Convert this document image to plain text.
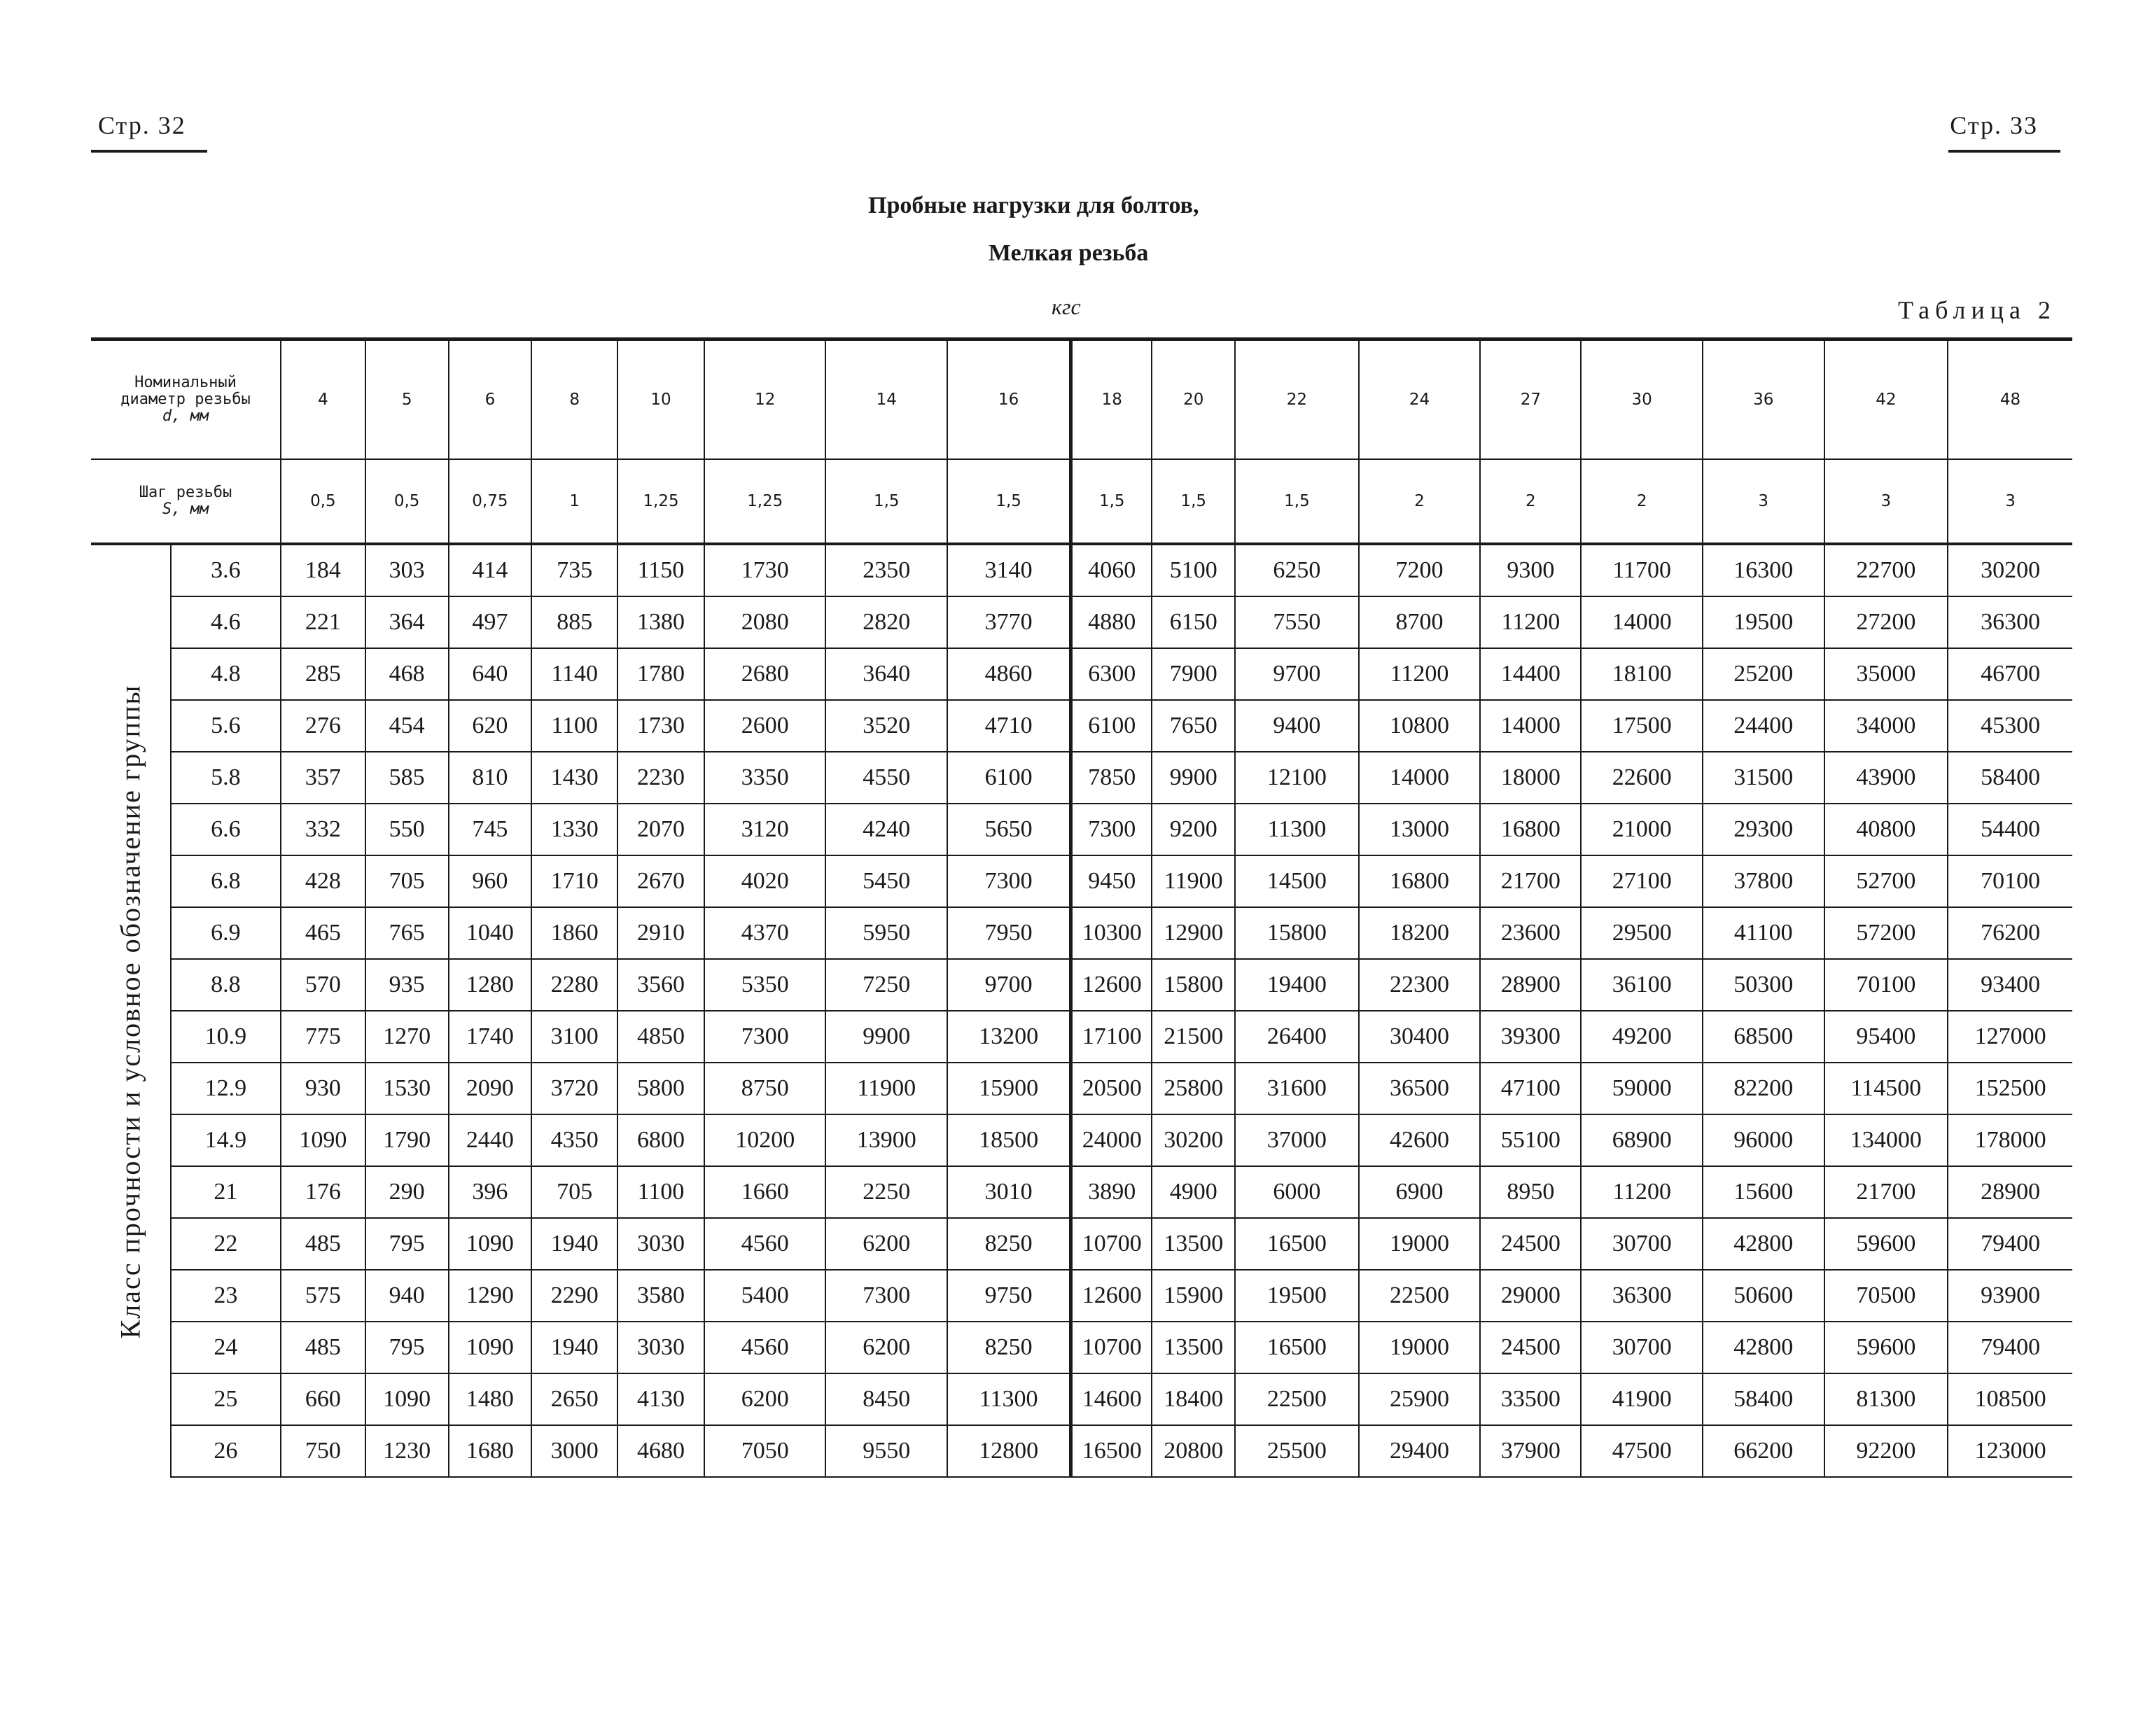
Стр. 32	Стр. 33
Пробные нагрузки для болтов,
Мелкая резьба
кгс	Таблица 2
Номинальный
диаметр резьбы
d, мм		4	5	6	8	10	12	14	16	18	20	22	24	27	30	36	42	48

Шаг резьбы
S, мм		0,5	0,5	0,75	1	1,25	1,25	1,5	1,5	1,5	1,5	1,5	2	2	2	3	3	3

Класс прочности и условное обозначение группы	3.6	184	303	414	735	1150	1730	2350	3140	4060	5100	6250	7200	9300	11700	16300	22700	30200
	4.6	221	364	497	885	1380	2080	2820	3770	4880	6150	7550	8700	11200	14000	19500	27200	36300
	4.8	285	468	640	1140	1780	2680	3640	4860	6300	7900	9700	11200	14400	18100	25200	35000	46700
	5.6	276	454	620	1100	1730	2600	3520	4710	6100	7650	9400	10800	14000	17500	24400	34000	45300
	5.8	357	585	810	1430	2230	3350	4550	6100	7850	9900	12100	14000	18000	22600	31500	43900	58400
	6.6	332	550	745	1330	2070	3120	4240	5650	7300	9200	11300	13000	16800	21000	29300	40800	54400
	6.8	428	705	960	1710	2670	4020	5450	7300	9450	11900	14500	16800	21700	27100	37800	52700	70100
	6.9	465	765	1040	1860	2910	4370	5950	7950	10300	12900	15800	18200	23600	29500	41100	57200	76200
	8.8	570	935	1280	2280	3560	5350	7250	9700	12600	15800	19400	22300	28900	36100	50300	70100	93400
	10.9	775	1270	1740	3100	4850	7300	9900	13200	17100	21500	26400	30400	39300	49200	68500	95400	127000
	12.9	930	1530	2090	3720	5800	8750	11900	15900	20500	25800	31600	36500	47100	59000	82200	114500	152500
	14.9	1090	1790	2440	4350	6800	10200	13900	18500	24000	30200	37000	42600	55100	68900	96000	134000	178000
	21	176	290	396	705	1100	1660	2250	3010	3890	4900	6000	6900	8950	11200	15600	21700	28900
	22	485	795	1090	1940	3030	4560	6200	8250	10700	13500	16500	19000	24500	30700	42800	59600	79400
	23	575	940	1290	2290	3580	5400	7300	9750	12600	15900	19500	22500	29000	36300	50600	70500	93900
	24	485	795	1090	1940	3030	4560	6200	8250	10700	13500	16500	19000	24500	30700	42800	59600	79400
	25	660	1090	1480	2650	4130	6200	8450	11300	14600	18400	22500	25900	33500	41900	58400	81300	108500
	26	750	1230	1680	3000	4680	7050	9550	12800	16500	20800	25500	29400	37900	47500	66200	92200	123000
